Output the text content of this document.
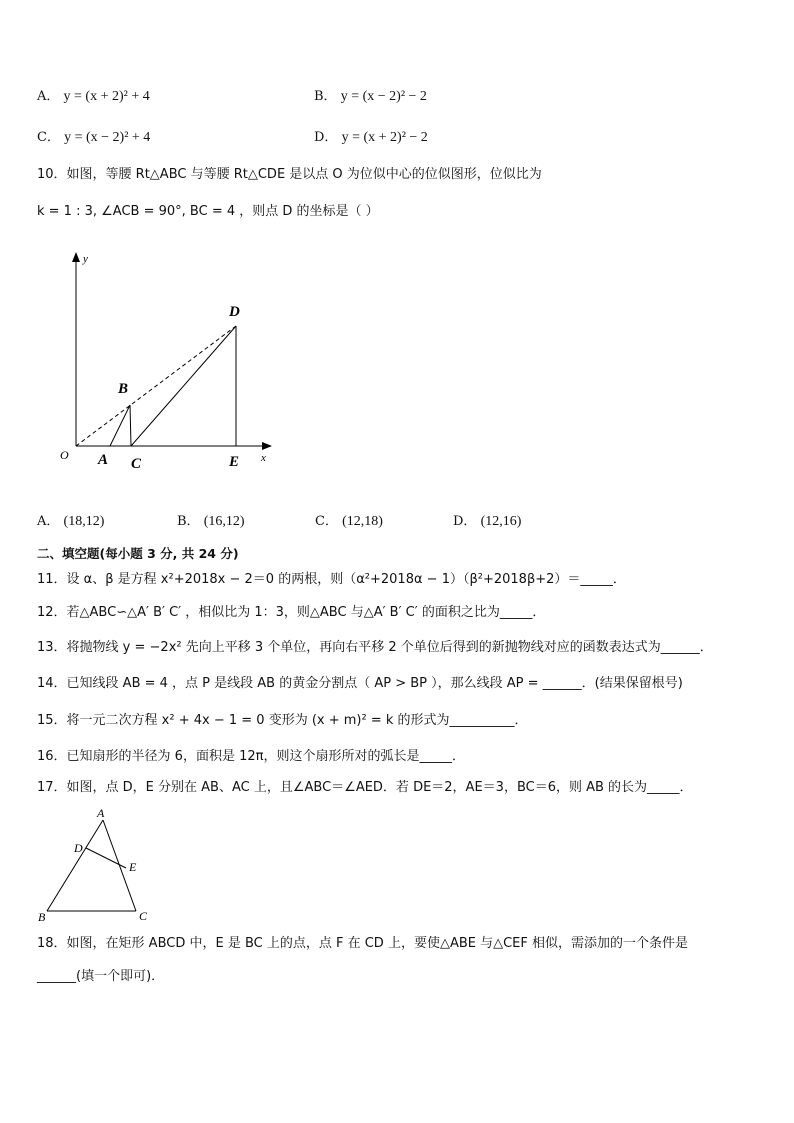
A． y = (x + 2)² + 4	B． y = (x − 2)² − 2
C． y = (x − 2)² + 4	D． y = (x + 2)² − 2
10．如图，等腰 Rt△ABC 与等腰 Rt△CDE 是以点 O 为位似中心的位似图形，位似比为
k = 1 : 3, ∠ACB = 90°, BC = 4 ，则点 D 的坐标是（ ）
y
x
O A
B
C
D
E
A
D
E
B	C
A． (18,12)	B． (16,12)	C． (12,18)	D． (12,16)
二、填空题(每小题 3 分, 共 24 分)
11．设 α、β 是方程 x²+2018x − 2＝0 的两根，则（α²+2018α − 1）（β²+2018β+2）＝_____．
12．若△ABC∽△A′ B′ C′ ，相似比为 1：3，则△ABC 与△A′ B′ C′ 的面积之比为_____．
13．将抛物线 y = −2x² 先向上平移 3 个单位，再向右平移 2 个单位后得到的新抛物线对应的函数表达式为______．
14．已知线段 AB = 4 ，点 P 是线段 AB 的黄金分割点（ AP > BP ），那么线段 AP = ______．(结果保留根号)
15．将一元二次方程 x² + 4x − 1 = 0 变形为 (x + m)² = k 的形式为__________．
16．已知扇形的半径为 6，面积是 12π，则这个扇形所对的弧长是_____．
17．如图，点 D，E 分别在 AB、AC 上，且∠ABC＝∠AED．若 DE＝2，AE＝3，BC＝6，则 AB 的长为_____．
18．如图，在矩形 ABCD 中，E 是 BC 上的点，点 F 在 CD 上，要使△ABE 与△CEF 相似，需添加的一个条件是
______(填一个即可)．
